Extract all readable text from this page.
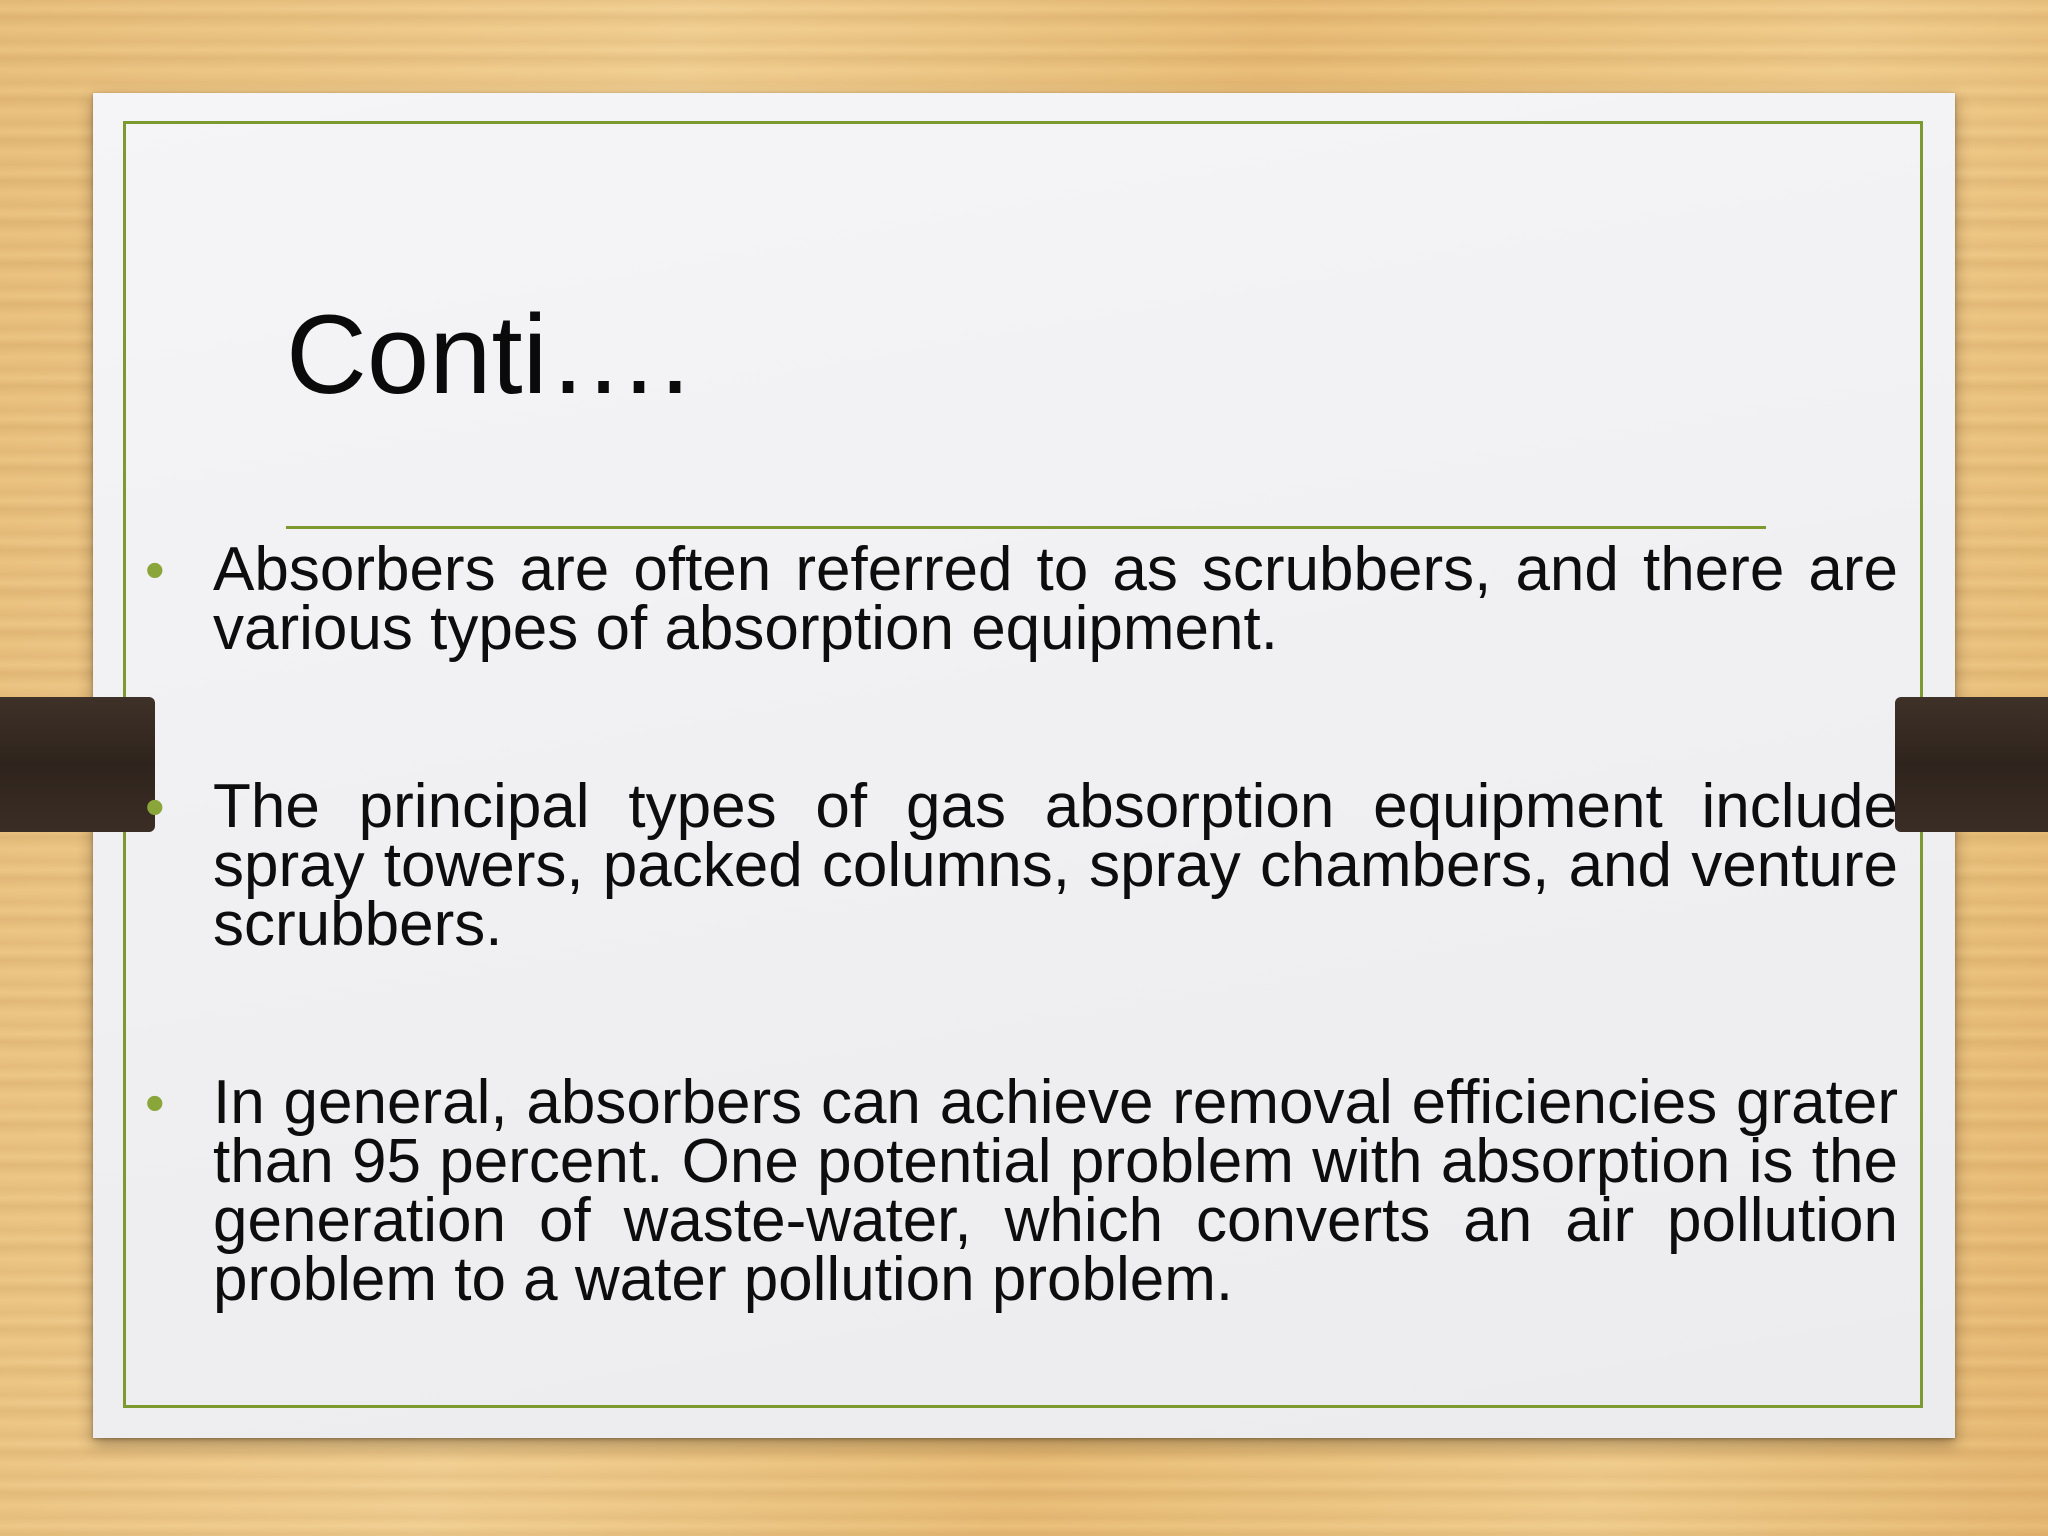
Conti….
• Absorbers are often referred to as scrubbers, and there are various types of absorption equipment.
• The principal types of gas absorption equipment include spray towers, packed columns, spray chambers, and venture scrubbers.
• In general, absorbers can achieve removal efficiencies grater than 95 percent. One potential problem with absorption is the generation of waste-water, which converts an air pollution problem to a water pollution problem.
